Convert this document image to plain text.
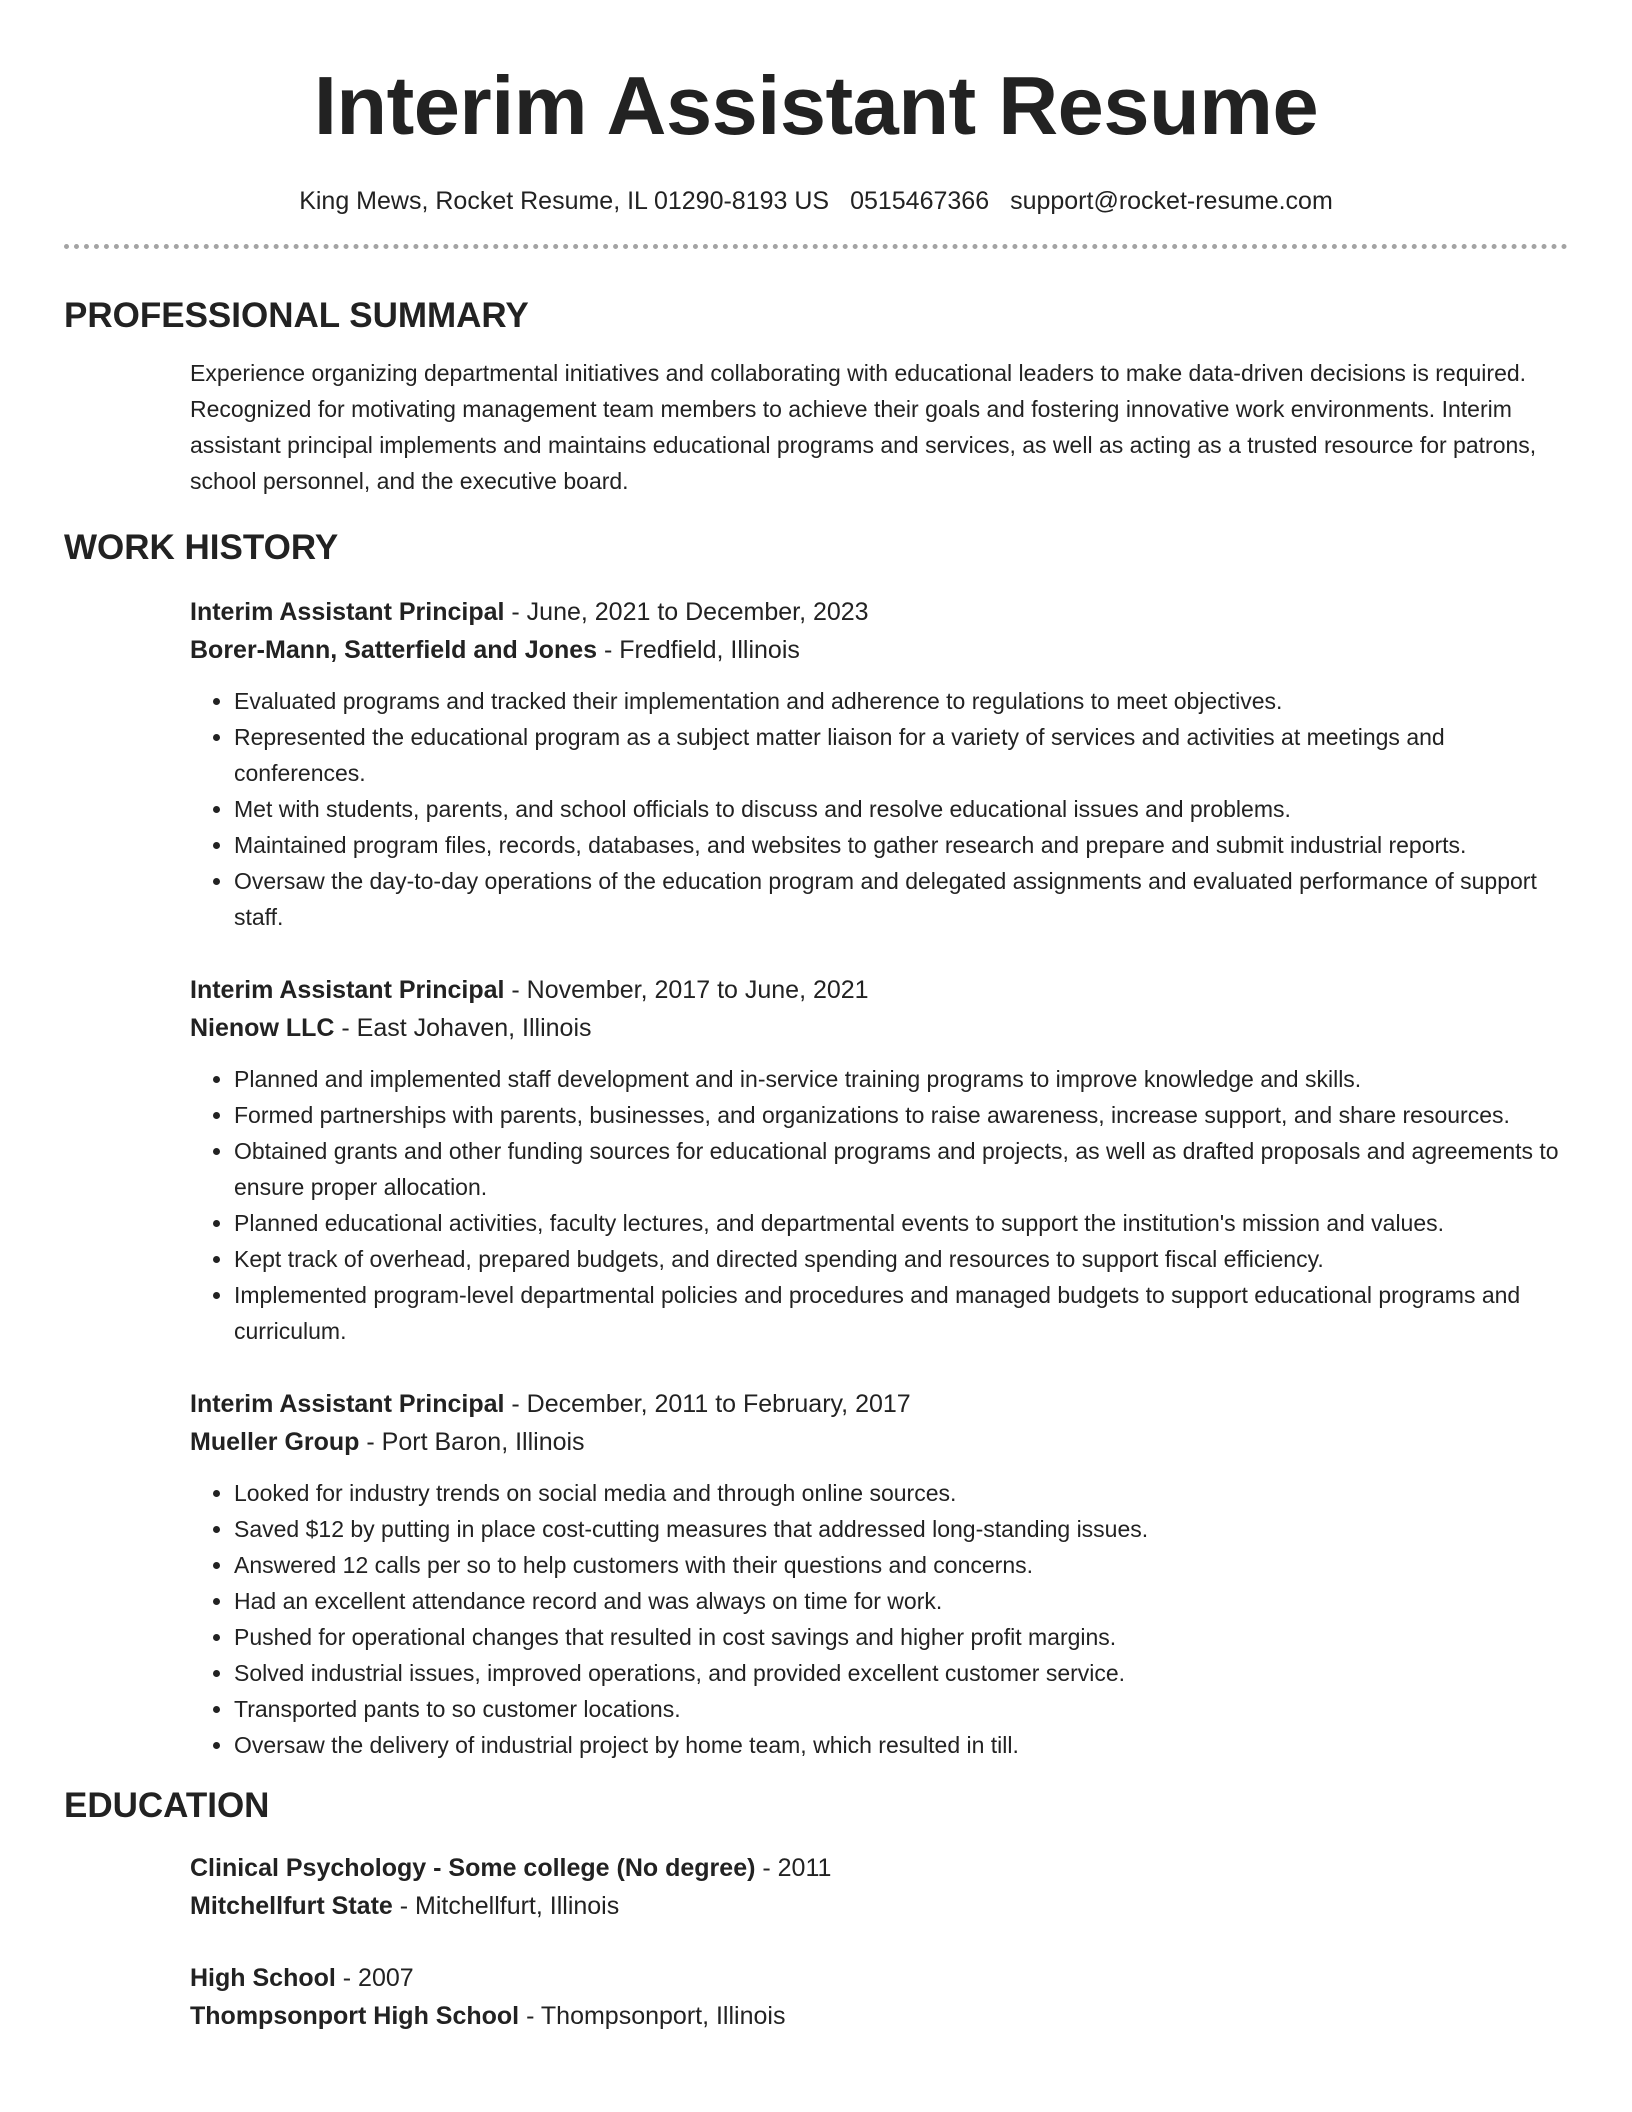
Interim Assistant Resume
King Mews, Rocket Resume, IL 01290-8193 US 0515467366 support@rocket-resume.com
PROFESSIONAL SUMMARY

Experience organizing departmental initiatives and collaborating with educational leaders to make data-driven decisions is required. Recognized for motivating management team members to achieve their goals and fostering innovative work environments. Interim assistant principal implements and maintains educational programs and services, as well as acting as a trusted resource for patrons, school personnel, and the executive board.

WORK HISTORY
Interim Assistant Principal - June, 2021 to December, 2023
Borer-Mann, Satterfield and Jones - Fredfield, Illinois
• Evaluated programs and tracked their implementation and adherence to regulations to meet objectives.
• Represented the educational program as a subject matter liaison for a variety of services and activities at meetings and conferences.
• Met with students, parents, and school officials to discuss and resolve educational issues and problems.
• Maintained program files, records, databases, and websites to gather research and prepare and submit industrial reports.
• Oversaw the day-to-day operations of the education program and delegated assignments and evaluated performance of support staff.
Interim Assistant Principal - November, 2017 to June, 2021
Nienow LLC - East Johaven, Illinois
• Planned and implemented staff development and in-service training programs to improve knowledge and skills.
• Formed partnerships with parents, businesses, and organizations to raise awareness, increase support, and share resources.
• Obtained grants and other funding sources for educational programs and projects, as well as drafted proposals and agreements to ensure proper allocation.
• Planned educational activities, faculty lectures, and departmental events to support the institution's mission and values.
• Kept track of overhead, prepared budgets, and directed spending and resources to support fiscal efficiency.
• Implemented program-level departmental policies and procedures and managed budgets to support educational programs and curriculum.
Interim Assistant Principal - December, 2011 to February, 2017
Mueller Group - Port Baron, Illinois
• Looked for industry trends on social media and through online sources.
• Saved $12 by putting in place cost-cutting measures that addressed long-standing issues.
• Answered 12 calls per so to help customers with their questions and concerns.
• Had an excellent attendance record and was always on time for work.
• Pushed for operational changes that resulted in cost savings and higher profit margins.
• Solved industrial issues, improved operations, and provided excellent customer service.
• Transported pants to so customer locations.
• Oversaw the delivery of industrial project by home team, which resulted in till.
EDUCATION
Clinical Psychology - Some college (No degree) - 2011
Mitchellfurt State - Mitchellfurt, Illinois
High School - 2007
Thompsonport High School - Thompsonport, Illinois
